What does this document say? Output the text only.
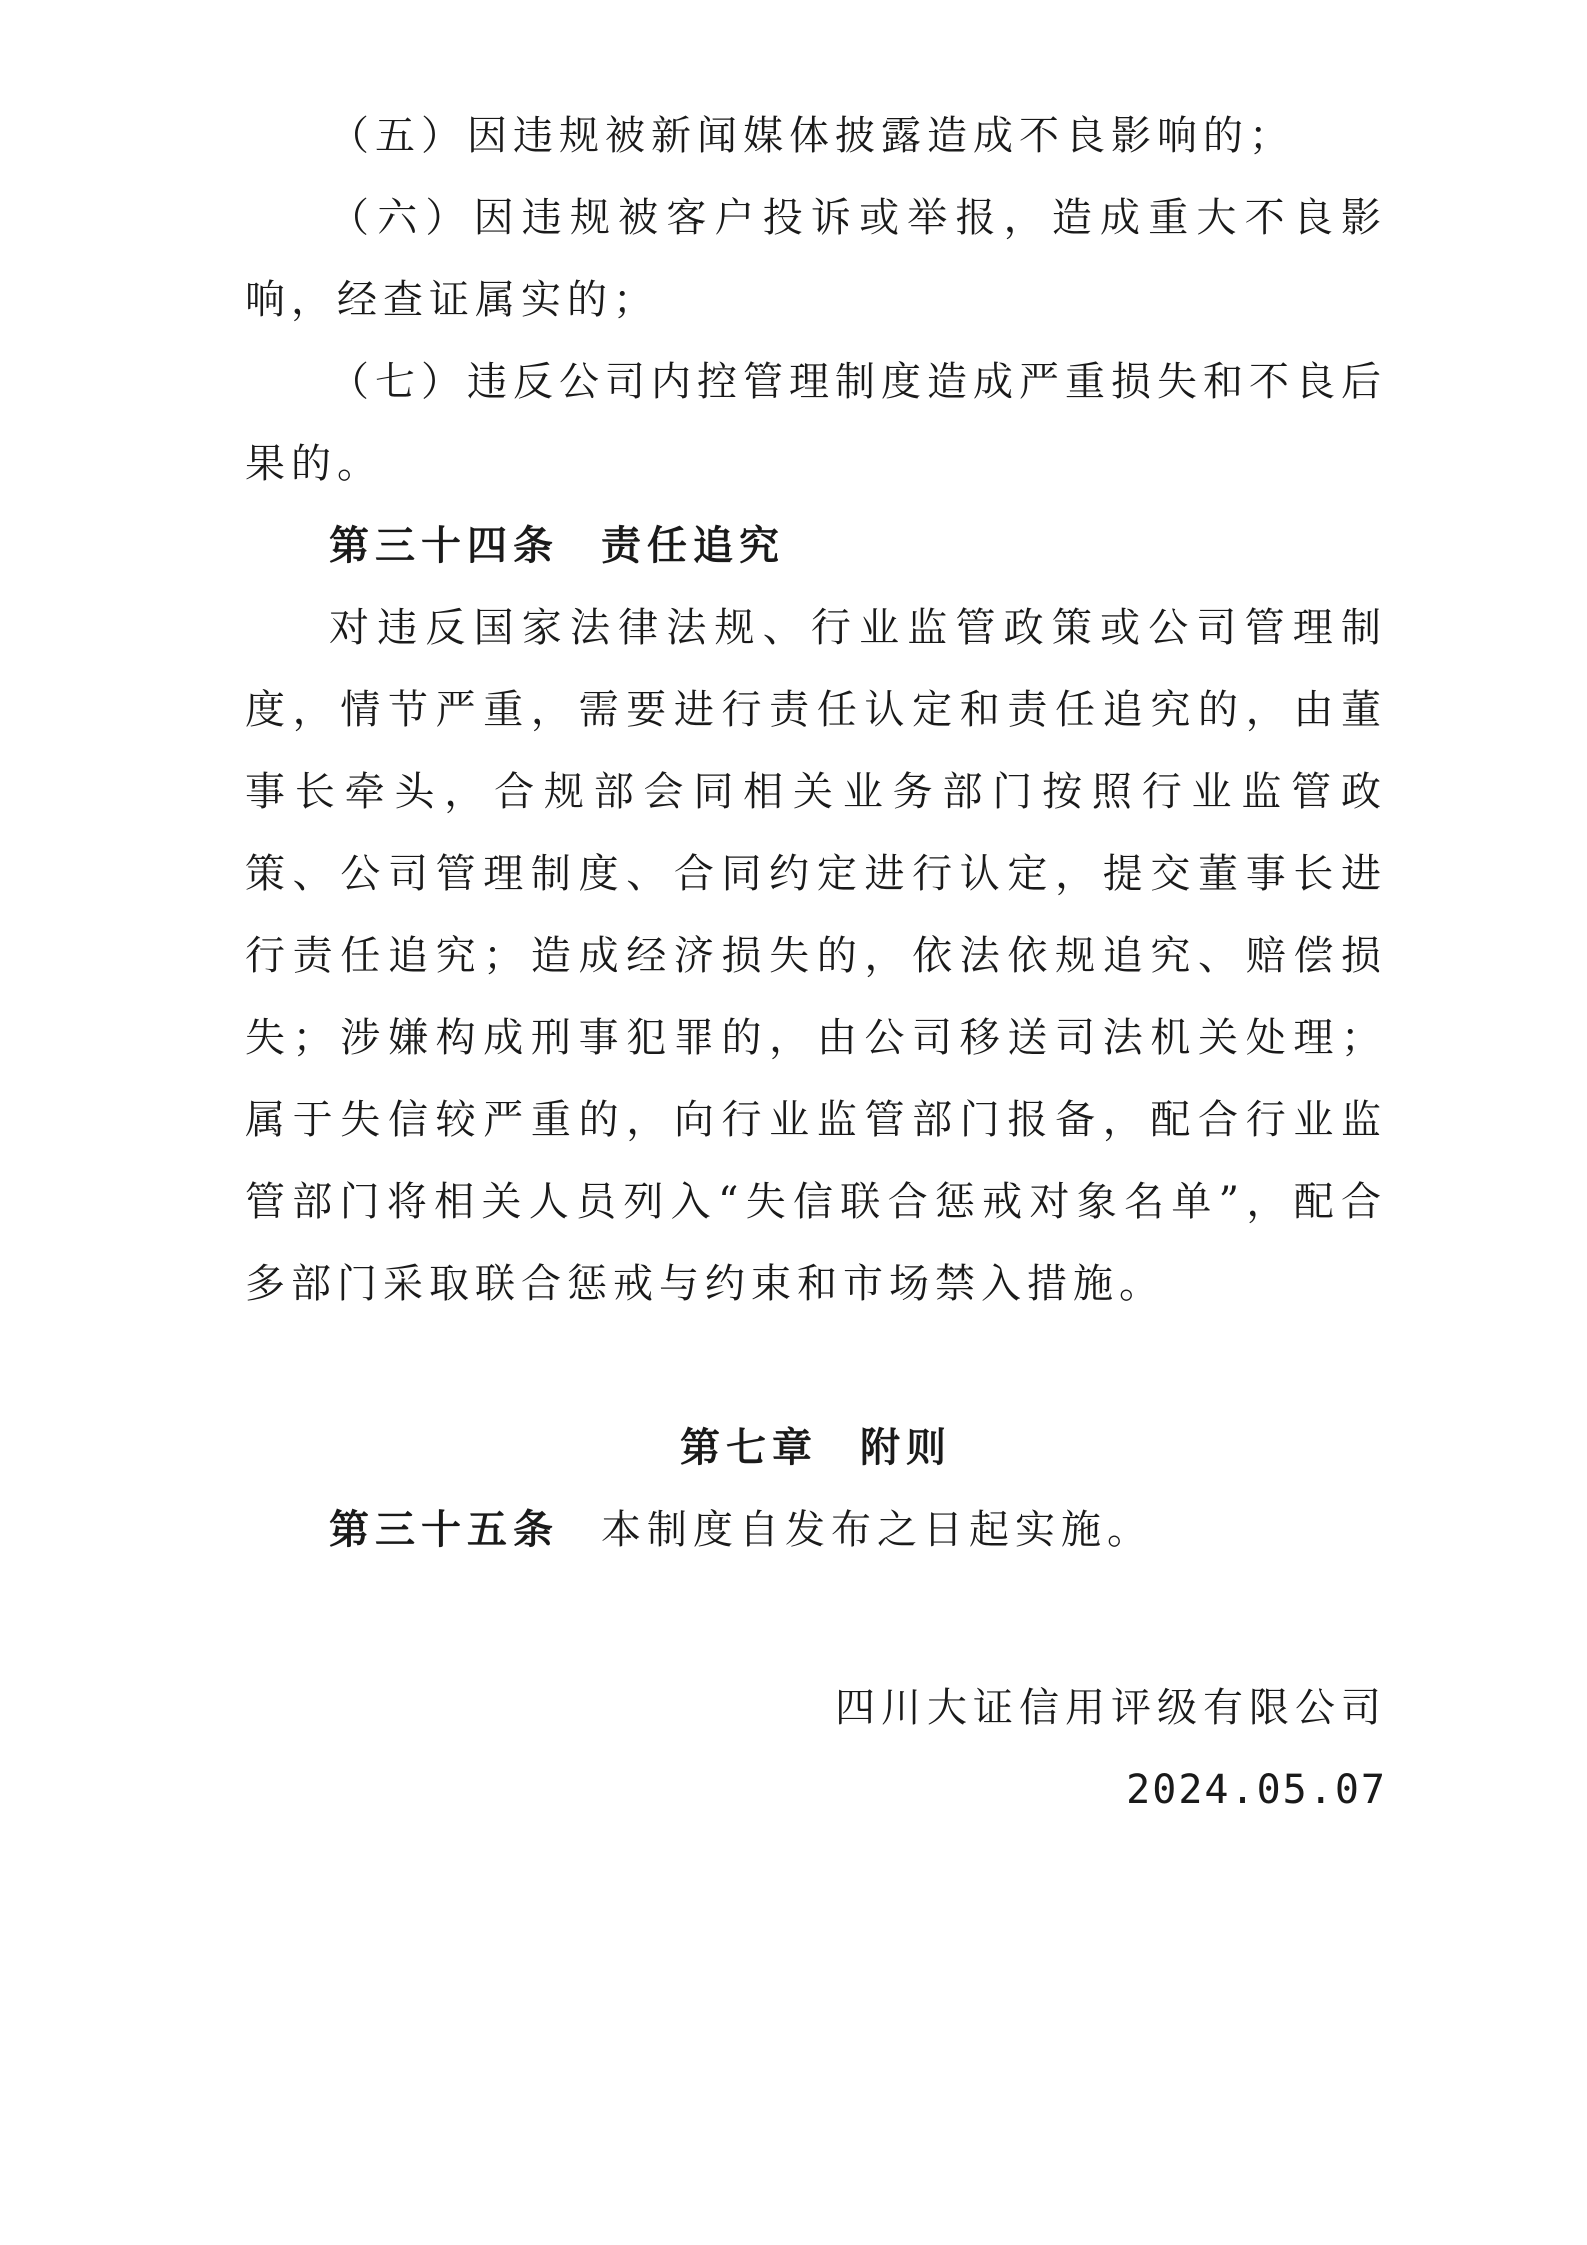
（五）因违规被新闻媒体披露造成不良影响的；

（六）因违规被客户投诉或举报，造成重大不良影响，经查证属实的；

（七）违反公司内控管理制度造成严重损失和不良后果的。

第三十四条 责任追究

对违反国家法律法规、行业监管政策或公司管理制度，情节严重，需要进行责任认定和责任追究的，由董事长牵头，合规部会同相关业务部门按照行业监管政策、公司管理制度、合同约定进行认定，提交董事长进行责任追究；造成经济损失的，依法依规追究、赔偿损失；涉嫌构成刑事犯罪的，由公司移送司法机关处理；属于失信较严重的，向行业监管部门报备，配合行业监管部门将相关人员列入“失信联合惩戒对象名单”，配合多部门采取联合惩戒与约束和市场禁入措施。

第七章 附则

第三十五条 本制度自发布之日起实施。

四川大证信用评级有限公司

2024.05.07
